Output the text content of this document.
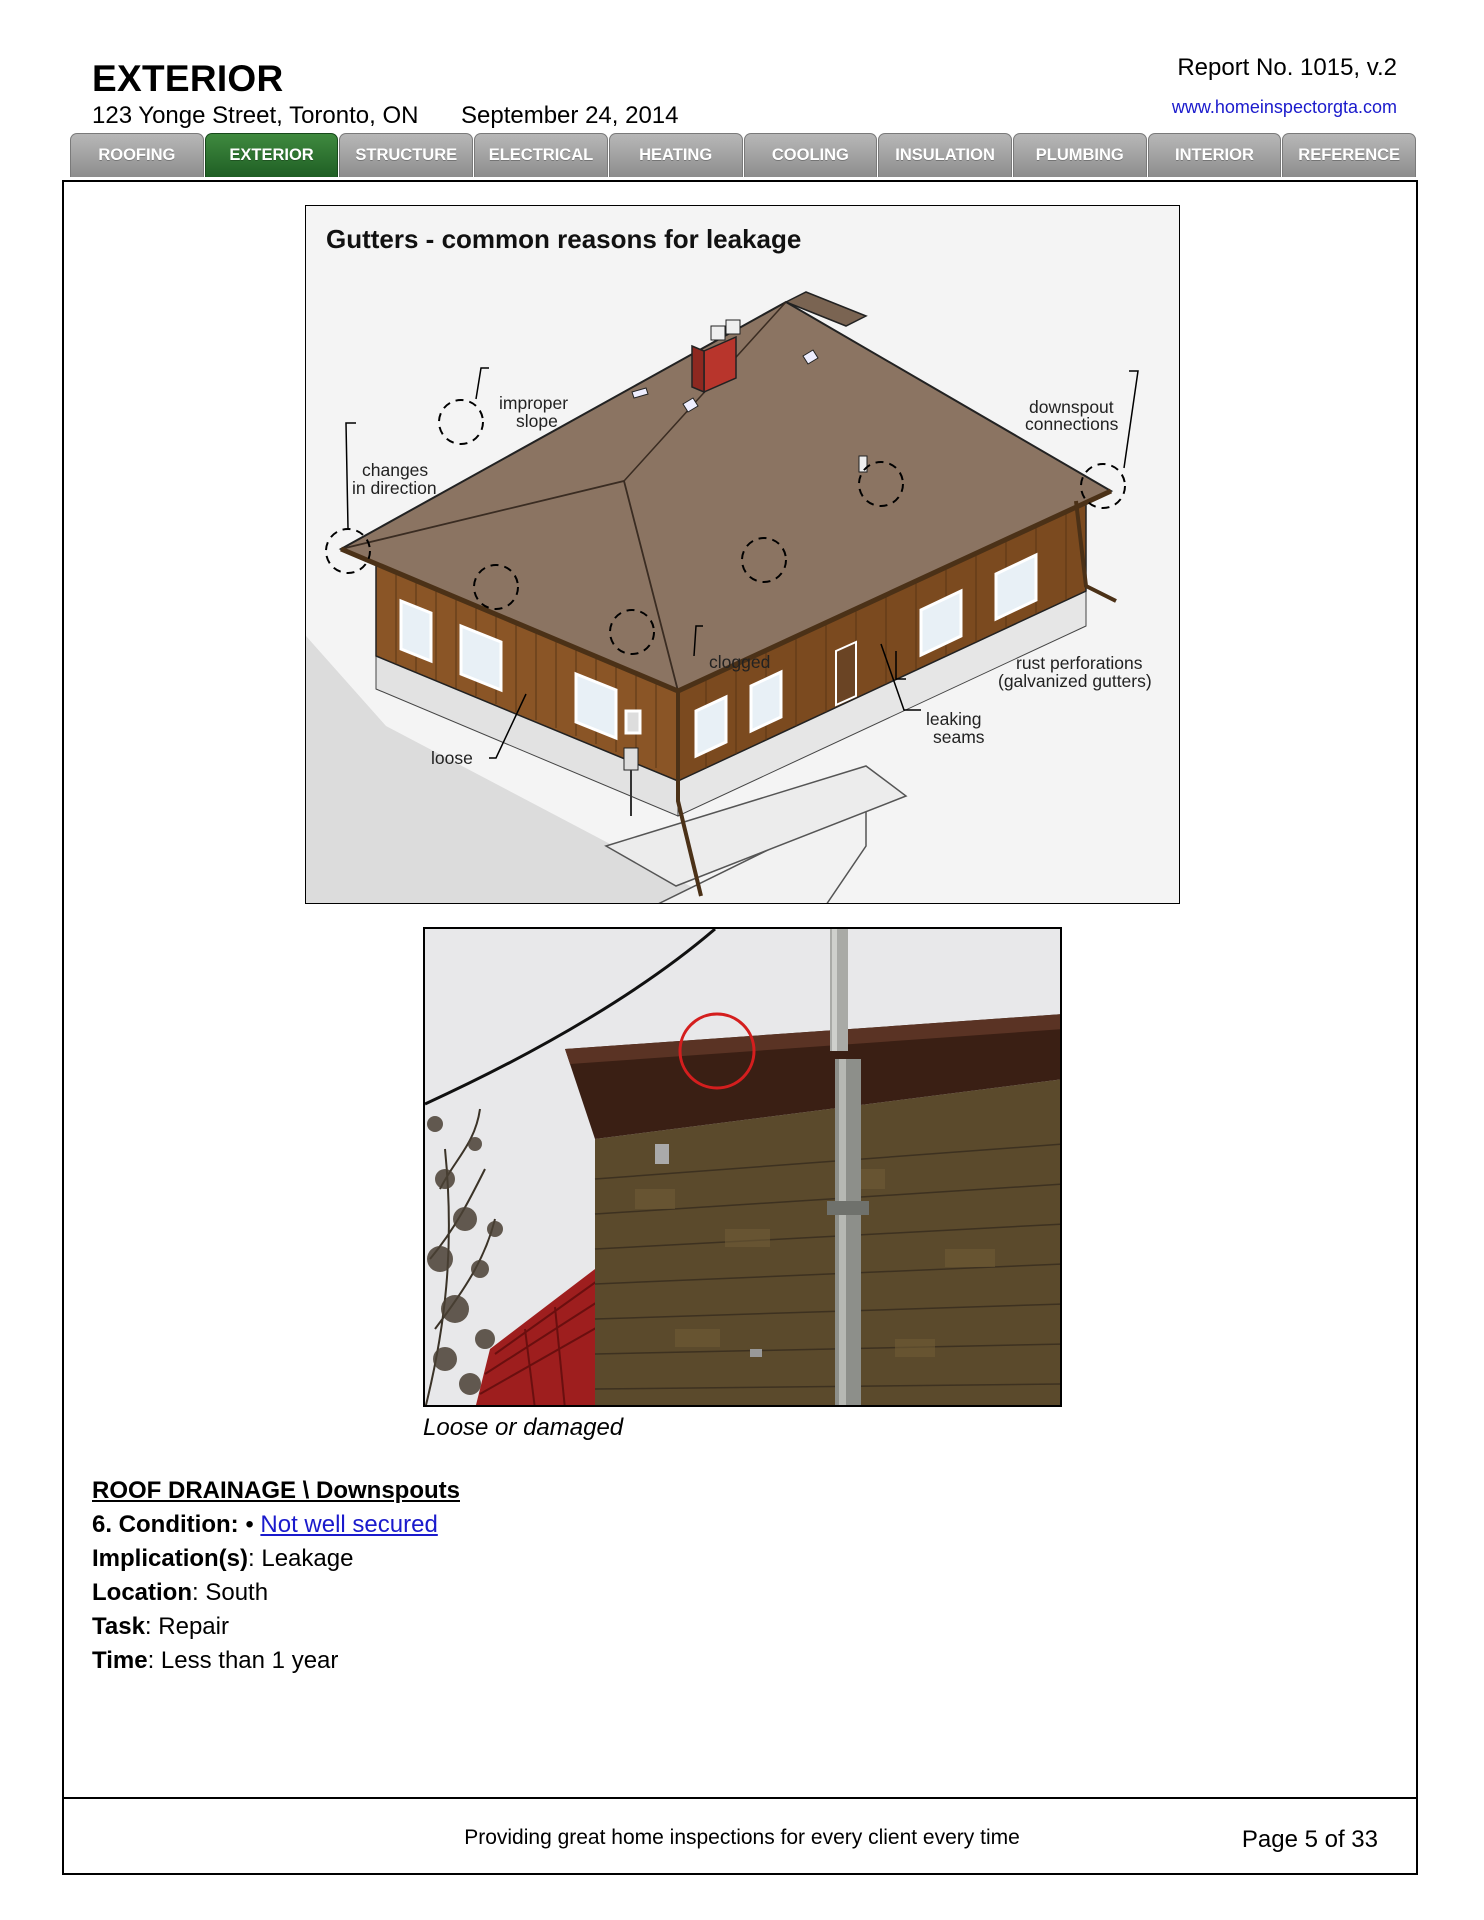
EXTERIOR
123 Yonge Street, Toronto, ON September 24, 2014
Report No. 1015, v.2
www.homeinspectorgta.com
ROOFING	EXTERIOR	STRUCTURE	ELECTRICAL	HEATING	COOLING	INSULATION	PLUMBING	INTERIOR	REFERENCE
Gutters - common reasons for leakage
improper
slope
changes
in direction
downspout
connections
clogged	rust perforations
(galvanized gutters)
leaking
seams
loose
Loose or damaged
ROOF DRAINAGE \ Downspouts
6. Condition: • Not well secured
Implication(s): Leakage
Location: South
Task: Repair
Time: Less than 1 year
Providing great home inspections for every client every time	Page 5 of 33
